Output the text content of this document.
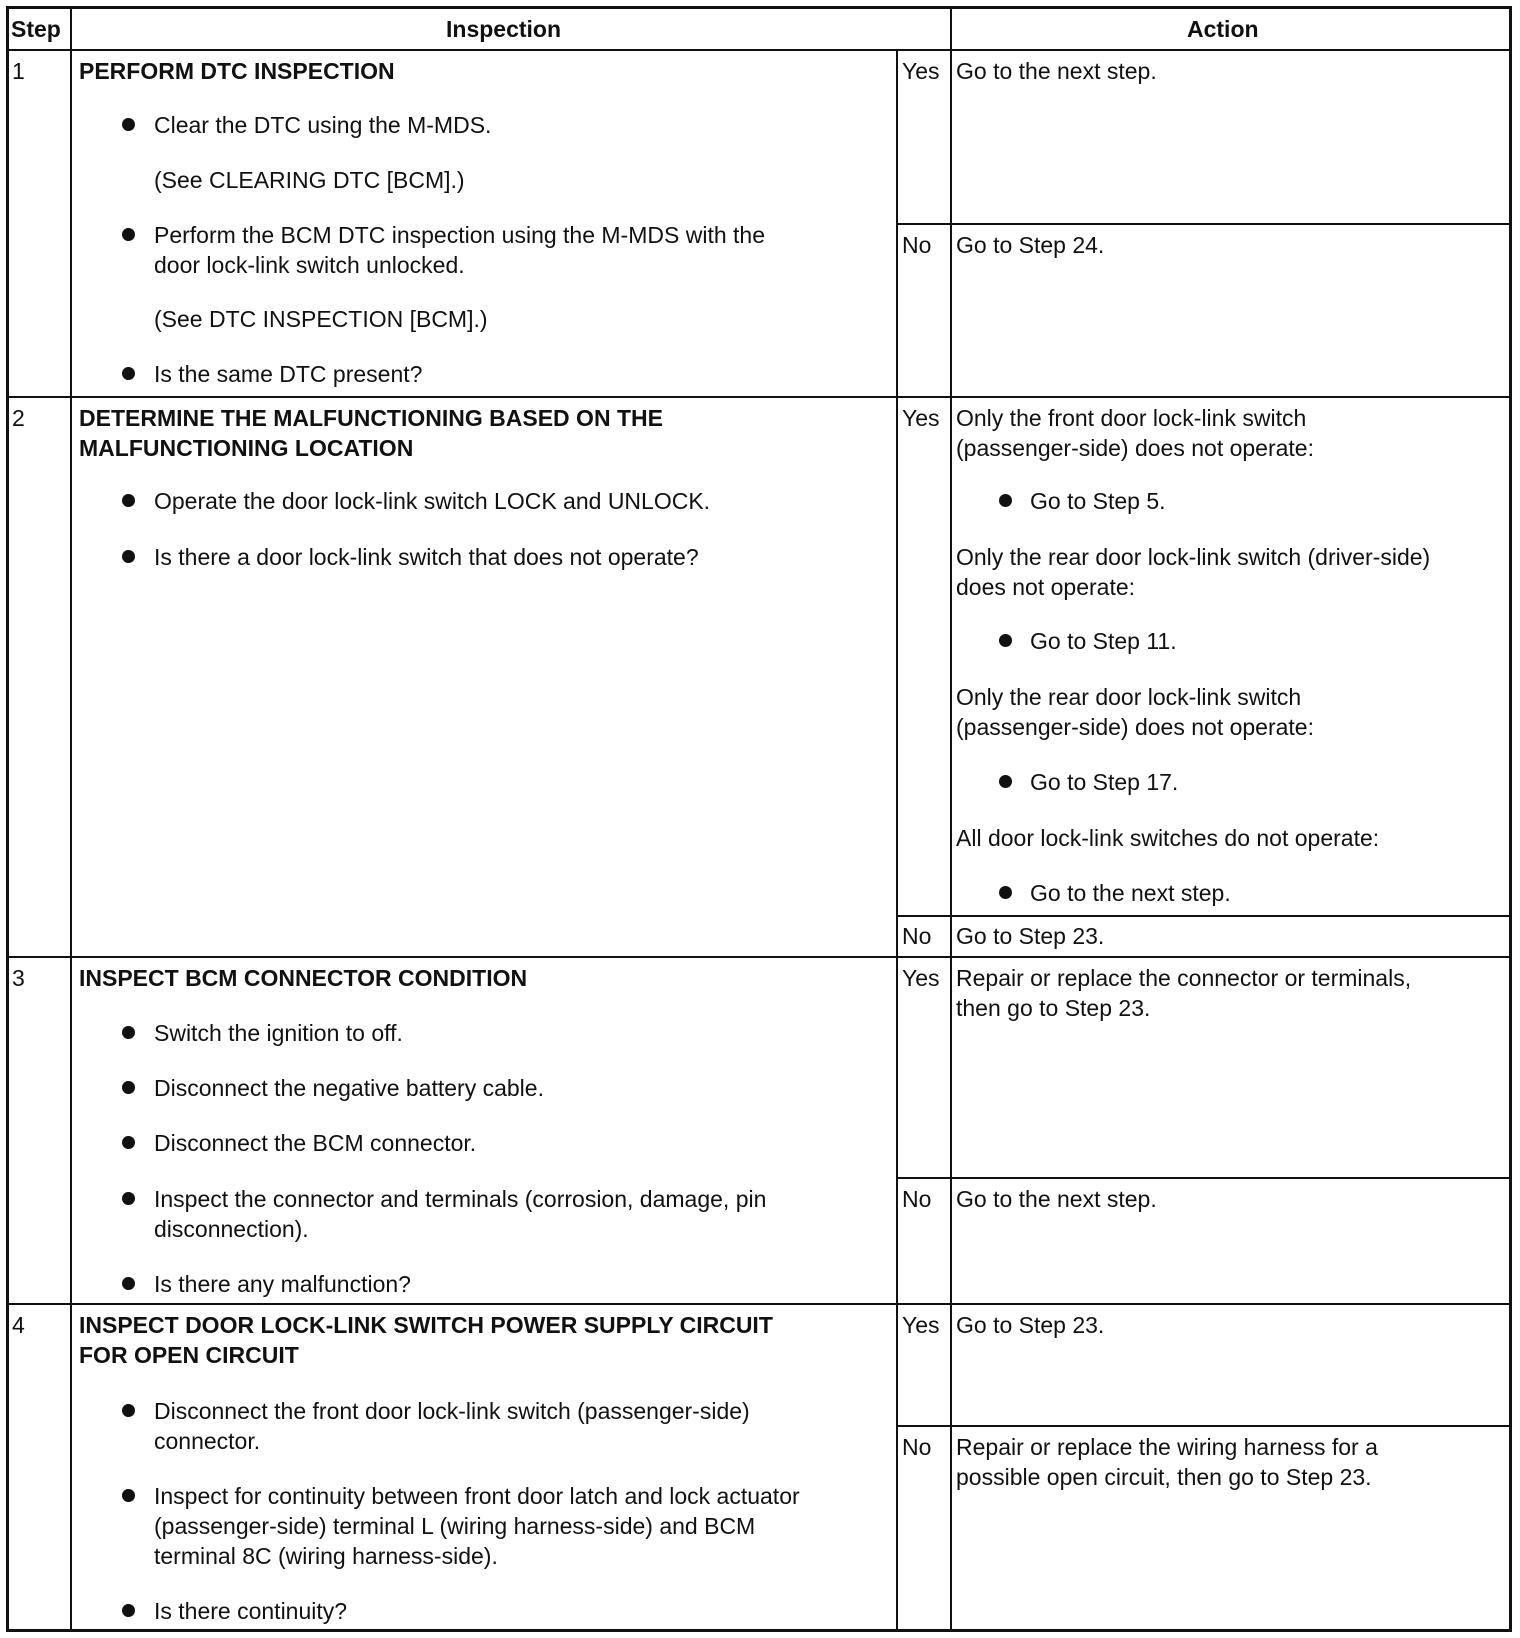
Step	Inspection	Action
1 PERFORM DTC INSPECTION
Clear the DTC using the M-MDS.
(See CLEARING DTC [BCM].)
Perform the BCM DTC inspection using the M-MDS with the
door lock-link switch unlocked.
(See DTC INSPECTION [BCM].)
Is the same DTC present?
Yes Go to the next step.
No Go to Step 24.
2 DETERMINE THE MALFUNCTIONING BASED ON THE
MALFUNCTIONING LOCATION
Operate the door lock-link switch LOCK and UNLOCK.
Is there a door lock-link switch that does not operate?
Yes Only the front door lock-link switch
(passenger-side) does not operate:
Go to Step 5.
Only the rear door lock-link switch (driver-side)
does not operate:
Go to Step 11.
Only the rear door lock-link switch
(passenger-side) does not operate:
Go to Step 17.
All door lock-link switches do not operate:
Go to the next step.
No Go to Step 23.
3 INSPECT BCM CONNECTOR CONDITION
Switch the ignition to off.
Disconnect the negative battery cable.
Disconnect the BCM connector.
Inspect the connector and terminals (corrosion, damage, pin
disconnection).
Is there any malfunction?
Yes Repair or replace the connector or terminals,
then go to Step 23.
No Go to the next step.
4 INSPECT DOOR LOCK-LINK SWITCH POWER SUPPLY CIRCUIT
FOR OPEN CIRCUIT
Disconnect the front door lock-link switch (passenger-side)
connector.
Inspect for continuity between front door latch and lock actuator
(passenger-side) terminal L (wiring harness-side) and BCM
terminal 8C (wiring harness-side).
Is there continuity?
Yes Go to Step 23.
No Repair or replace the wiring harness for a
possible open circuit, then go to Step 23.
